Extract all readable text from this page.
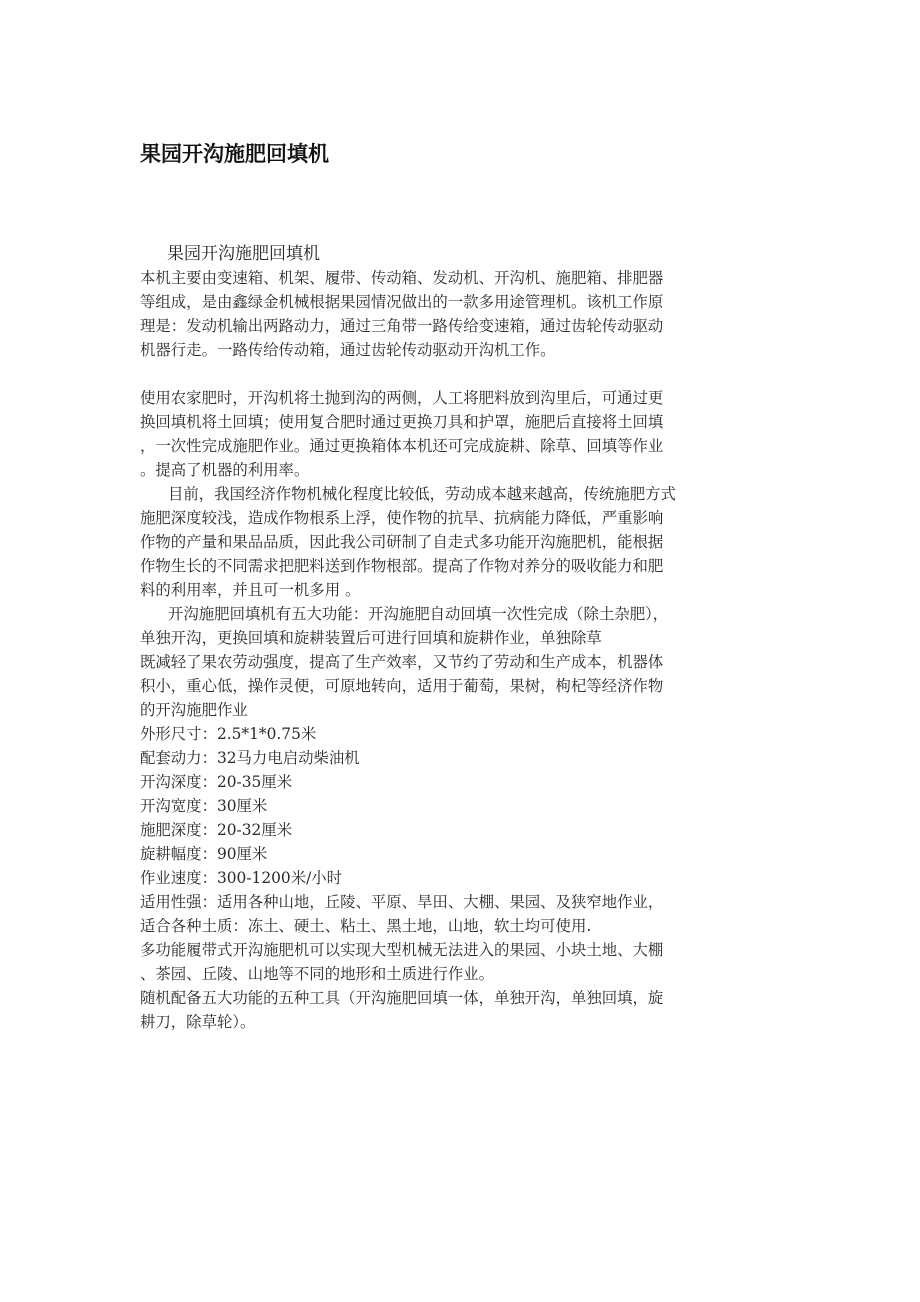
果园开沟施肥回填机

果园开沟施肥回填机

本机主要由变速箱、机架、履带、传动箱、发动机、开沟机、施肥箱、排肥器
等组成，是由鑫绿金机械根据果园情况做出的一款多用途管理机。该机工作原
理是：发动机输出两路动力，通过三角带一路传给变速箱，通过齿轮传动驱动
机器行走。一路传给传动箱，通过齿轮传动驱动开沟机工作。
使用农家肥时，开沟机将土抛到沟的两侧，人工将肥料放到沟里后，可通过更
换回填机将土回填；使用复合肥时通过更换刀具和护罩，施肥后直接将土回填
，一次性完成施肥作业。通过更换箱体本机还可完成旋耕、除草、回填等作业
。提高了机器的利用率。
目前，我国经济作物机械化程度比较低，劳动成本越来越高，传统施肥方式
施肥深度较浅，造成作物根系上浮，使作物的抗旱、抗病能力降低，严重影响
作物的产量和果品品质，因此我公司研制了自走式多功能开沟施肥机，能根据
作物生长的不同需求把肥料送到作物根部。提高了作物对养分的吸收能力和肥
料的利用率，并且可一机多用 。
开沟施肥回填机有五大功能：开沟施肥自动回填一次性完成（除土杂肥），
单独开沟，更换回填和旋耕装置后可进行回填和旋耕作业，单独除草
既减轻了果农劳动强度，提高了生产效率，又节约了劳动和生产成本，机器体
积小，重心低，操作灵便，可原地转向，适用于葡萄，果树，枸杞等经济作物
的开沟施肥作业
外形尺寸：2.5*1*0.75米
配套动力：32马力电启动柴油机
开沟深度：20-35厘米
开沟宽度：30厘米
施肥深度：20-32厘米
旋耕幅度：90厘米
作业速度：300-1200米/小时
适用性强：适用各种山地，丘陵、平原、旱田、大棚、果园、及狭窄地作业，
适合各种土质：冻土、硬土、粘土、黑土地，山地，软土均可使用.
多功能履带式开沟施肥机可以实现大型机械无法进入的果园、小块土地、大棚
、茶园、丘陵、山地等不同的地形和土质进行作业。
随机配备五大功能的五种工具（开沟施肥回填一体，单独开沟，单独回填，旋
耕刀，除草轮）。
